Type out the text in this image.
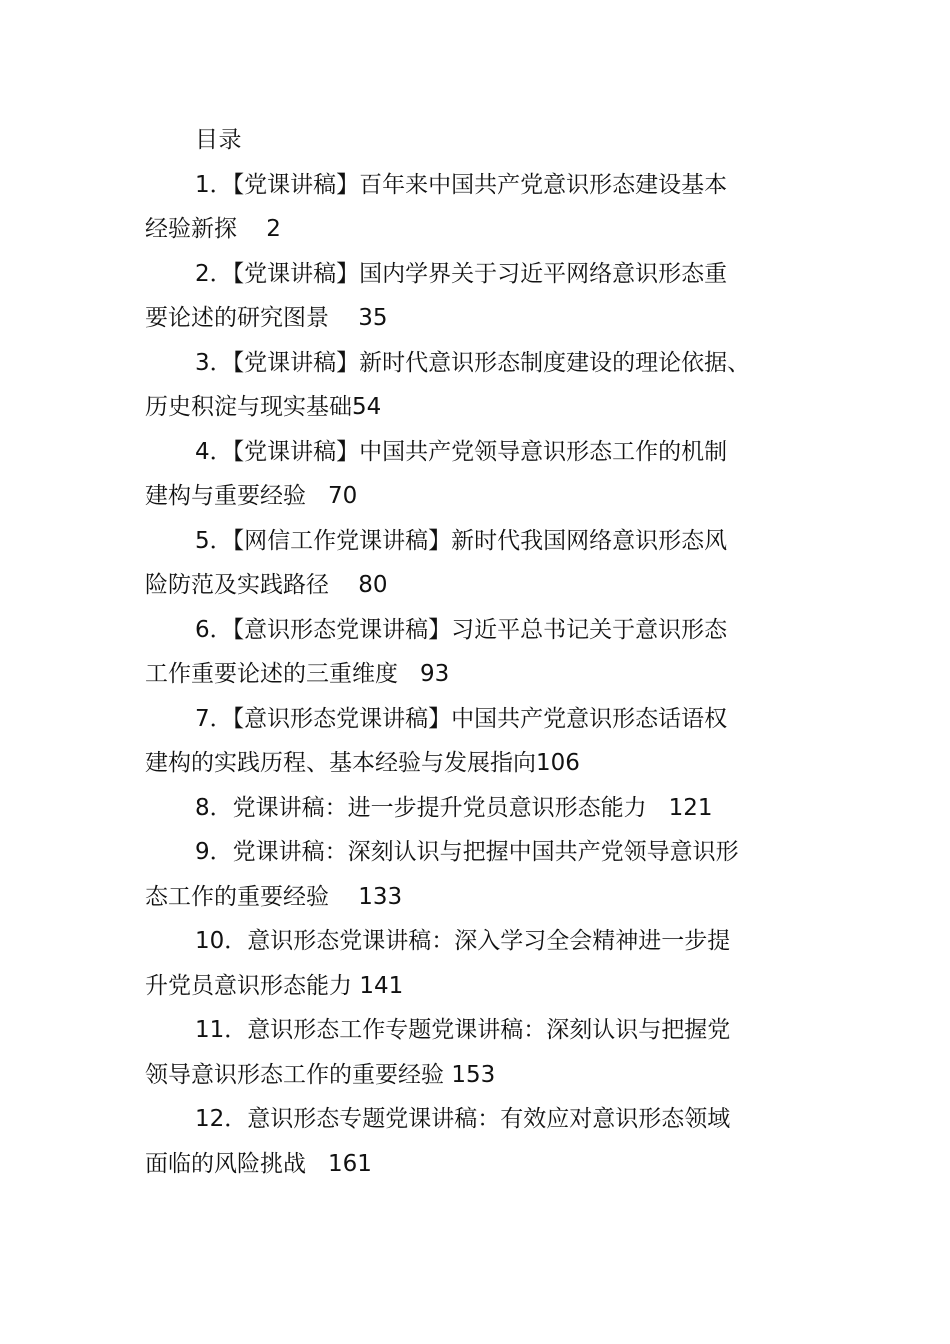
目录
1．【党课讲稿】百年来中国共产党意识形态建设基本
经验新探    2
2．【党课讲稿】国内学界关于习近平网络意识形态重
要论述的研究图景    35
3．【党课讲稿】新时代意识形态制度建设的理论依据、
历史积淀与现实基础54
4．【党课讲稿】中国共产党领导意识形态工作的机制
建构与重要经验   70
5．【网信工作党课讲稿】新时代我国网络意识形态风
险防范及实践路径    80
6．【意识形态党课讲稿】习近平总书记关于意识形态
工作重要论述的三重维度   93
7．【意识形态党课讲稿】中国共产党意识形态话语权
建构的实践历程、基本经验与发展指向106
8．党课讲稿：进一步提升党员意识形态能力   121
9．党课讲稿：深刻认识与把握中国共产党领导意识形
态工作的重要经验    133
10．意识形态党课讲稿：深入学习全会精神进一步提
升党员意识形态能力 141
11．意识形态工作专题党课讲稿：深刻认识与把握党
领导意识形态工作的重要经验 153
12．意识形态专题党课讲稿：有效应对意识形态领域
面临的风险挑战   161
